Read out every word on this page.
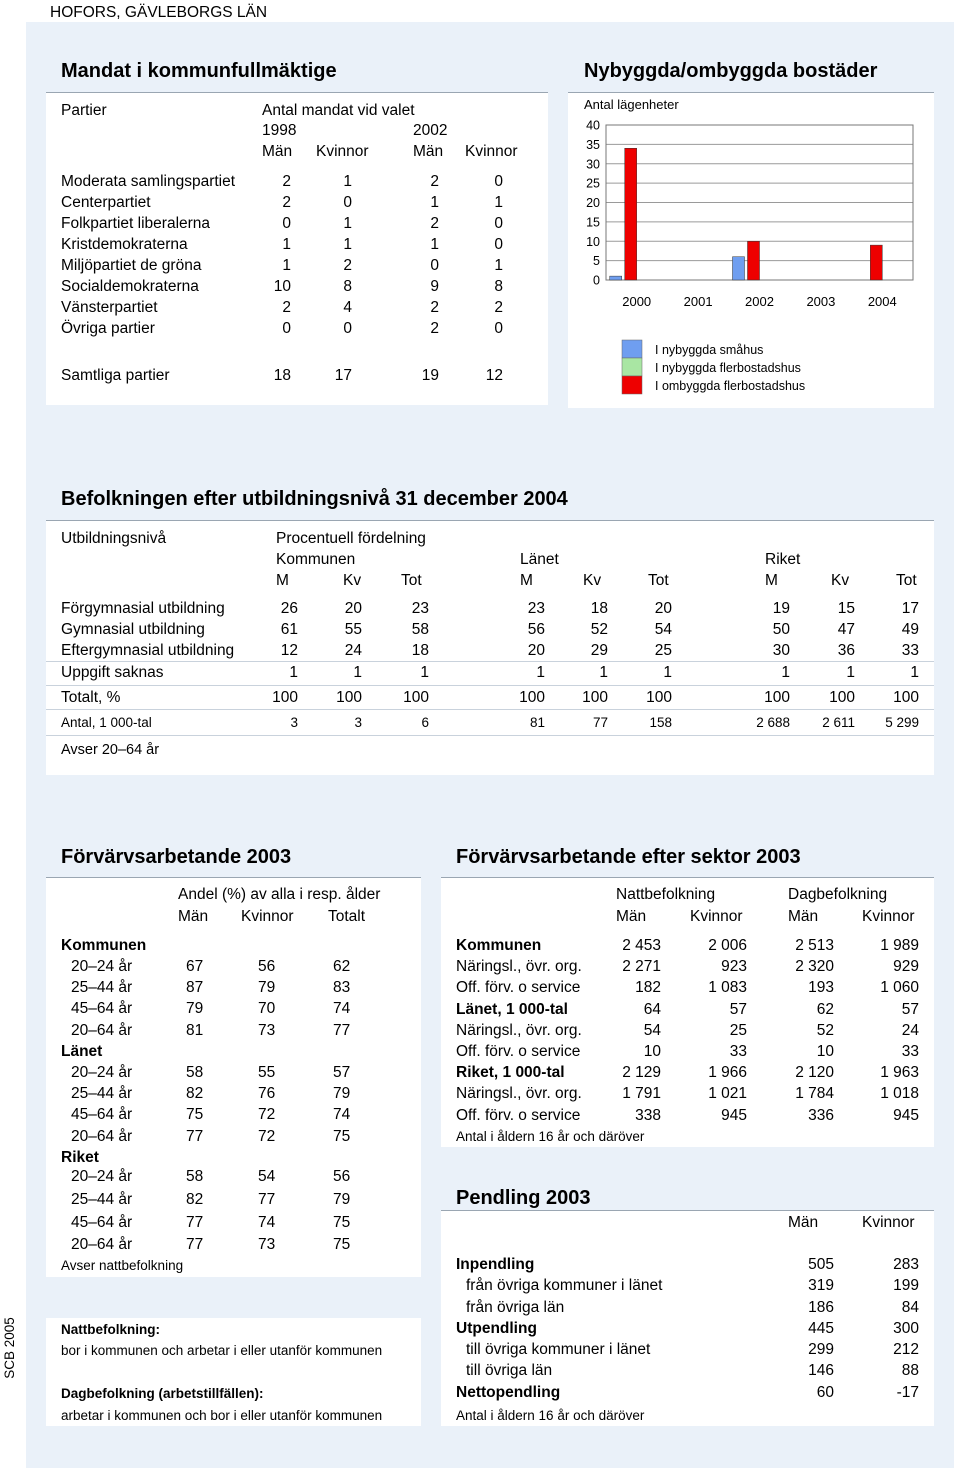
HOFORS, GÄVLEBORGS LÄN
Mandat i kommunfullmäktige
Partier	Antal mandat vid valet
1998	2002
Män Kvinnor	Män Kvinnor
Moderata samlingspartiet	2	1	2	0
Centerpartiet	2	0	1	1
Folkpartiet liberalerna	0	1	2	0
Kristdemokraterna	1	1	1	0
Miljöpartiet de gröna	1	2	0	1
Socialdemokraterna	10	8	9	8
Vänsterpartiet	2	4	2	2
Övriga partier	0	0	2	0
Samtliga partier	18	17	19	12
Nybyggda/ombyggda bostäder
Antal lägenheter
0
5
10
15
20
25
30
35
40
2000 2001 2002 2003 2004
I nybyggda småhus
I nybyggda flerbostadshus
I ombyggda flerbostadshus
Befolkningen efter utbildningsnivå 31 december 2004
Utbildningsnivå	Procentuell fördelning
Kommunen	Länet	Riket
M	Kv	Tot	M	Kv	Tot	M	Kv	Tot
Förgymnasial utbildning	26	20	23	23	18	20	19	15	17
Gymnasial utbildning	61	55	58	56	52	54	50	47	49
Eftergymnasial utbildning	12	24	18	20	29	25	30	36	33
Uppgift saknas	1	1	1	1	1	1	1	1	1
Totalt, %	100	100	100	100	100	100	100	100	100
Antal, 1 000-tal	3	3	6	81	77	158	2 688	2 611	5 299
Avser 20–64 år
Förvärvsarbetande 2003
Andel (%) av alla i resp. ålder
Män Kvinnor Totalt
Kommunen
20–24 år	67	56	62
25–44 år	87	79	83
45–64 år	79	70	74
20–64 år	81	73	77
Länet
20–24 år	58	55	57
25–44 år	82	76	79
45–64 år	75	72	74
20–64 år	77	72	75
Riket
20–24 år	58	54	56
25–44 år	82	77	79
45–64 år	77	74	75
20–64 år	77	73	75
Avser nattbefolkning
Nattbefolkning:
bor i kommunen och arbetar i eller utanför kommunen
Dagbefolkning (arbetstillfällen):
arbetar i kommunen och bor i eller utanför kommunen
Förvärvsarbetande efter sektor 2003
Nattbefolkning	Dagbefolkning
Män	Kvinnor	Män	Kvinnor
Kommunen	2 453	2 006	2 513	1 989
Näringsl., övr. org.	2 271	923	2 320	929
Off. förv. o service	182	1 083	193	1 060
Länet, 1 000-tal	64	57	62	57
Näringsl., övr. org.	54	25	52	24
Off. förv. o service	10	33	10	33
Riket, 1 000-tal	2 129	1 966	2 120	1 963
Näringsl., övr. org.	1 791	1 021	1 784	1 018
Off. förv. o service	338	945	336	945
Antal i åldern 16 år och däröver
Pendling 2003
Män	Kvinnor
Inpendling	505	283
från övriga kommuner i länet	319	199
från övriga län	186	84
Utpendling	445	300
till övriga kommuner i länet	299	212
till övriga län	146	88
Nettopendling	60	-17
Antal i åldern 16 år och däröver
SCB 2005
